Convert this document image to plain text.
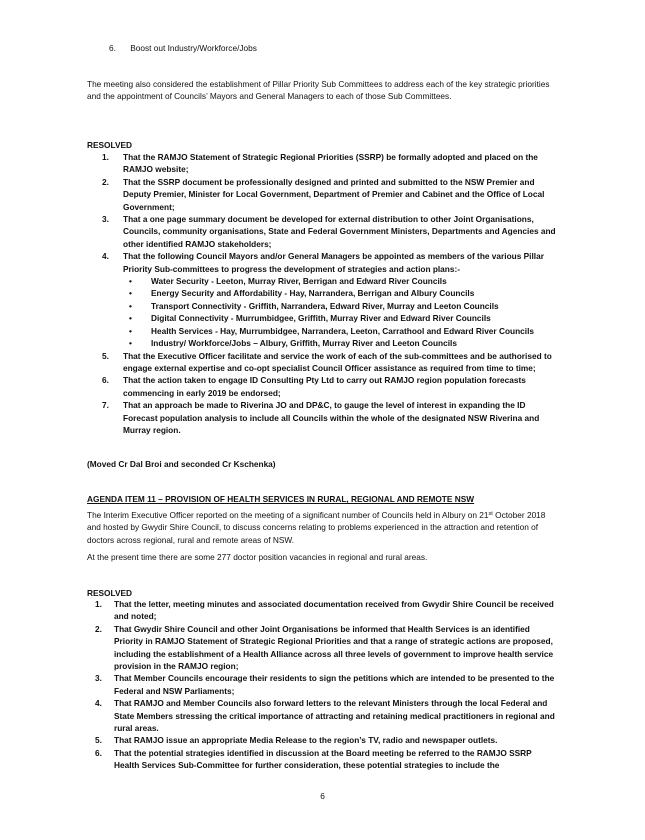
6. Boost out Industry/Workforce/Jobs
The meeting also considered the establishment of Pillar Priority Sub Committees to address each of the key strategic priorities and the appointment of Councils’ Mayors and General Managers to each of those Sub Committees.
RESOLVED
1. That the RAMJO Statement of Strategic Regional Priorities (SSRP) be formally adopted and placed on the RAMJO website;
2. That the SSRP document be professionally designed and printed and submitted to the NSW Premier and Deputy Premier, Minister for Local Government, Department of Premier and Cabinet and the Office of Local Government;
3. That a one page summary document be developed for external distribution to other Joint Organisations, Councils, community organisations, State and Federal Government Ministers, Departments and Agencies and other identified RAMJO stakeholders;
4. That the following Council Mayors and/or General Managers be appointed as members of the various Pillar Priority Sub-committees to progress the development of strategies and action plans:-
• Water Security - Leeton, Murray River, Berrigan and Edward River Councils
• Energy Security and Affordability - Hay, Narrandera, Berrigan and Albury Councils
• Transport Connectivity - Griffith, Narrandera, Edward River, Murray and Leeton Councils
• Digital Connectivity - Murrumbidgee, Griffith, Murray River and Edward River Councils
• Health Services - Hay, Murrumbidgee, Narrandera, Leeton, Carrathool and Edward River Councils
• Industry/ Workforce/Jobs – Albury, Griffith, Murray River and Leeton Councils
5. That the Executive Officer facilitate and service the work of each of the sub-committees and be authorised to engage external expertise and co-opt specialist Council Officer assistance as required from time to time;
6. That the action taken to engage ID Consulting Pty Ltd to carry out RAMJO region population forecasts commencing in early 2019 be endorsed;
7. That an approach be made to Riverina JO and DP&C, to gauge the level of interest in expanding the ID Forecast population analysis to include all Councils within the whole of the designated NSW Riverina and Murray region.
(Moved Cr Dal Broi and seconded Cr Kschenka)
AGENDA ITEM 11 – PROVISION OF HEALTH SERVICES IN RURAL, REGIONAL AND REMOTE NSW
The Interim Executive Officer reported on the meeting of a significant number of Councils held in Albury on 21st October 2018 and hosted by Gwydir Shire Council, to discuss concerns relating to problems experienced in the attraction and retention of doctors across regional, rural and remote areas of NSW.
At the present time there are some 277 doctor position vacancies in regional and rural areas.
RESOLVED
1. That the letter, meeting minutes and associated documentation received from Gwydir Shire Council be received and noted;
2. That Gwydir Shire Council and other Joint Organisations be informed that Health Services is an identified Priority in RAMJO Statement of Strategic Regional Priorities and that a range of strategic actions are proposed, including the establishment of a Health Alliance across all three levels of government to improve health service provision in the RAMJO region;
3. That Member Councils encourage their residents to sign the petitions which are intended to be presented to the Federal and NSW Parliaments;
4. That RAMJO and Member Councils also forward letters to the relevant Ministers through the local Federal and State Members stressing the critical importance of attracting and retaining medical practitioners in regional and rural areas.
5. That RAMJO issue an appropriate Media Release to the region’s TV, radio and newspaper outlets.
6. That the potential strategies identified in discussion at the Board meeting be referred to the RAMJO SSRP Health Services Sub-Committee for further consideration, these potential strategies to include the
6
